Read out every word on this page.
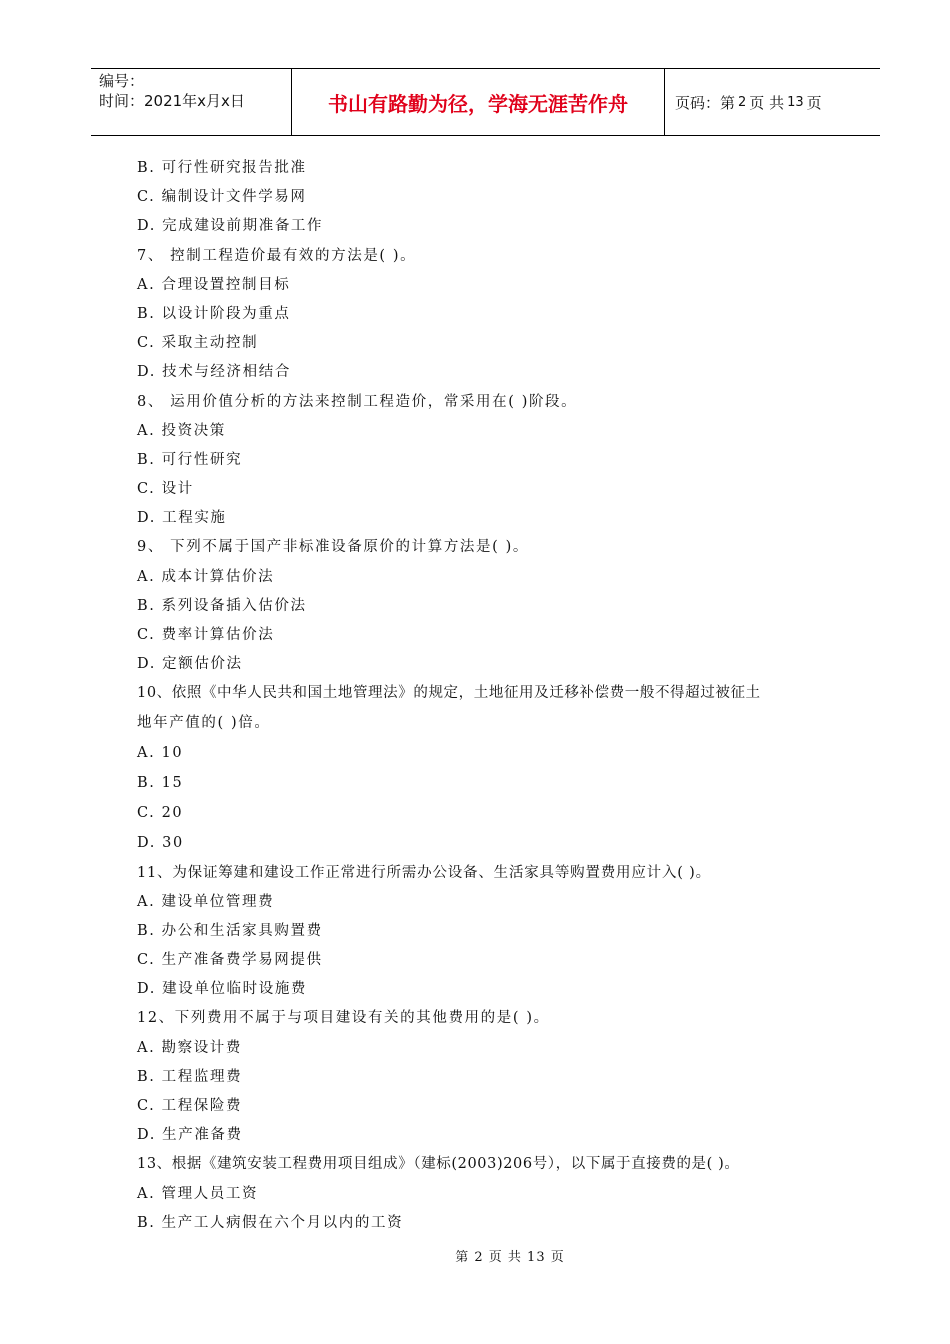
编号：
时间：2021年x月x日	书山有路勤为径，学海无涯苦作舟	页码：第 2 页 共 13 页
B. 可行性研究报告批准
C. 编制设计文件学易网
D. 完成建设前期准备工作
7、 控制工程造价最有效的方法是( )。
A. 合理设置控制目标
B. 以设计阶段为重点
C. 采取主动控制
D. 技术与经济相结合
8、 运用价值分析的方法来控制工程造价，常采用在( )阶段。
A. 投资决策
B. 可行性研究
C. 设计
D. 工程实施
9、 下列不属于国产非标准设备原价的计算方法是( )。
A. 成本计算估价法
B. 系列设备插入估价法
C. 费率计算估价法
D. 定额估价法
10、依照《中华人民共和国土地管理法》的规定，土地征用及迁移补偿费一般不得超过被征土
地年产值的( )倍。
A. 10
B. 15
C. 20
D. 30
11、为保证筹建和建设工作正常进行所需办公设备、生活家具等购置费用应计入( )。
A. 建设单位管理费
B. 办公和生活家具购置费
C. 生产准备费学易网提供
D. 建设单位临时设施费
12、下列费用不属于与项目建设有关的其他费用的是( )。
A. 勘察设计费
B. 工程监理费
C. 工程保险费
D. 生产准备费
13、根据《建筑安装工程费用项目组成》（建标(2003)206号），以下属于直接费的是( )。
A. 管理人员工资
B. 生产工人病假在六个月以内的工资
第 2 页 共 13 页
